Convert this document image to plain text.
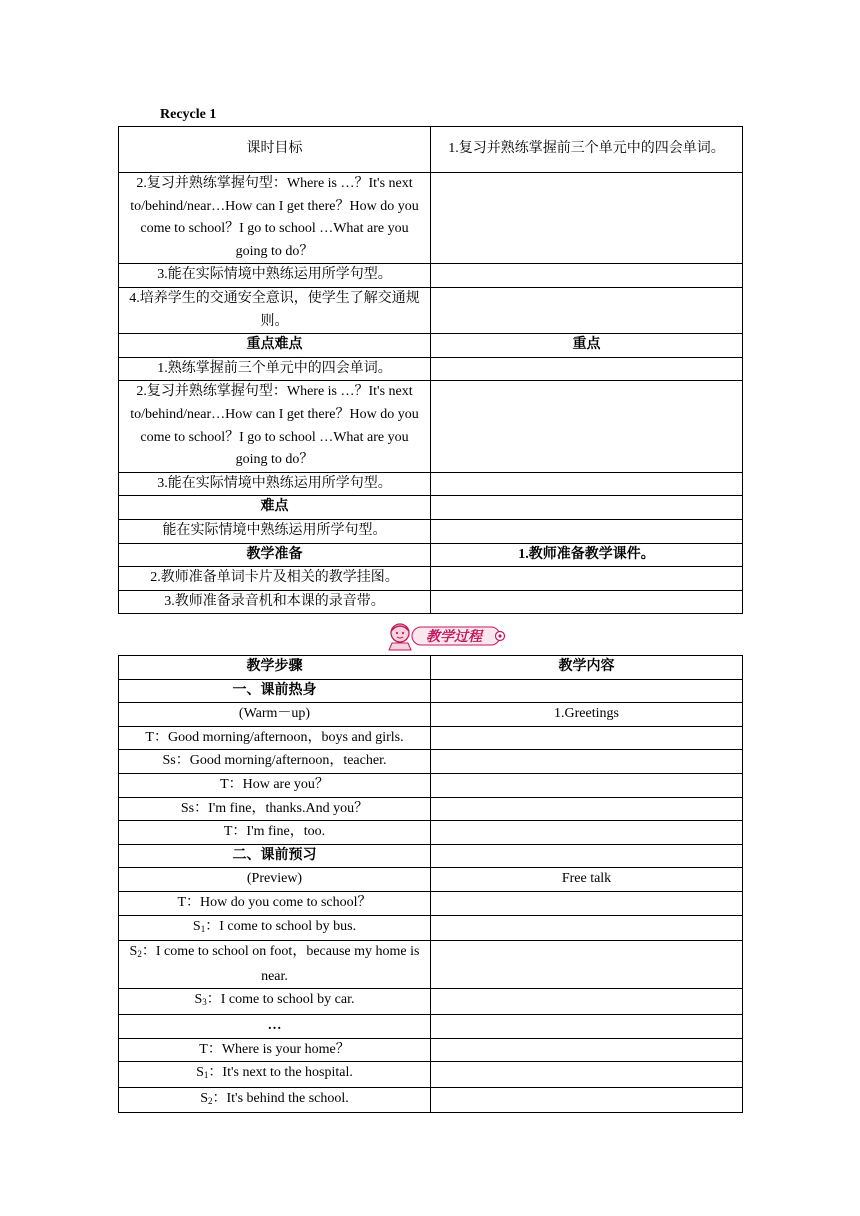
Recycle 1
课时目标	1.复习并熟练掌握前三个单元中的四会单词。
2.复习并熟练掌握句型：Where is …？It's next to/behind/near…How can I get there？How do you come to school？I go to school …What are you going to do？	
3.能在实际情境中熟练运用所学句型。	
4.培养学生的交通安全意识，使学生了解交通规则。	
重点难点	重点
1.熟练掌握前三个单元中的四会单词。	
2.复习并熟练掌握句型：Where is …？It's next to/behind/near…How can I get there？How do you come to school？I go to school …What are you going to do？	
3.能在实际情境中熟练运用所学句型。	
难点	
能在实际情境中熟练运用所学句型。	
教学准备	1.教师准备教学课件。
2.教师准备单词卡片及相关的教学挂图。	
3.教师准备录音机和本课的录音带。	
教学过程
教学步骤	教学内容
一、课前热身	
(Warm－up)	1.Greetings
T：Good morning/afternoon，boys and girls.	
Ss：Good morning/afternoon，teacher.	
T：How are you？	
Ss：I'm fine，thanks.And you？	
T：I'm fine，too.	
二、课前预习	
(Preview)	Free talk
T：How do you come to school？	
$S_1$：I come to school by bus.	
$S_2$：I come to school on foot，because my home is near.	
$S_3$：I come to school by car.	
…	
T：Where is your home？	
$S_1$：It's next to the hospital.	
$S_2$：It's behind the school.	
